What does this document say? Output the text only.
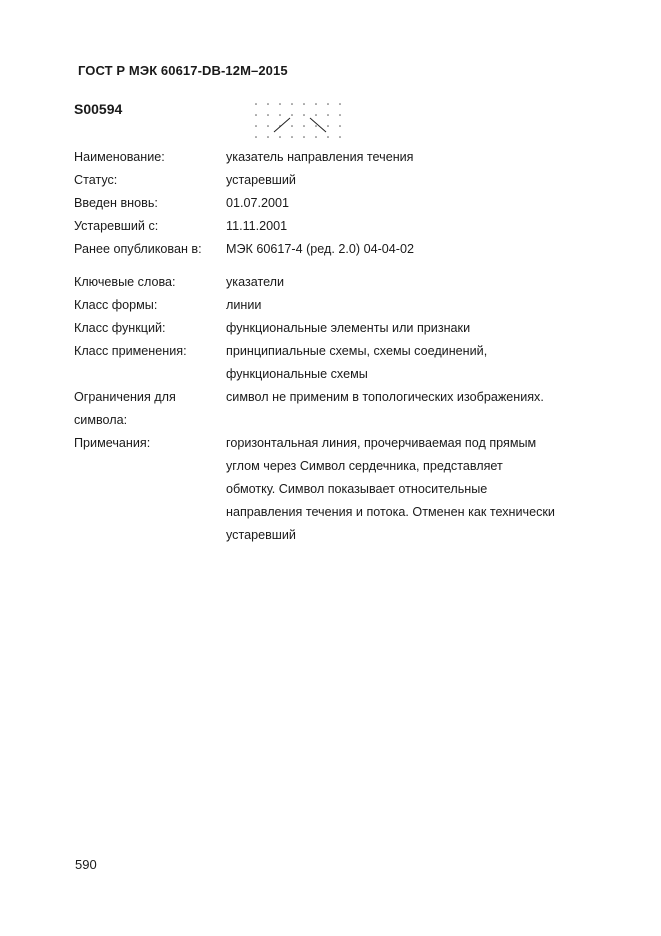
ГОСТ Р МЭК 60617-DB-12M–2015
S00594
Наименование:	указатель направления течения
Статус:	устаревший
Введен вновь:	01.07.2001
Устаревший с:	11.11.2001
Ранее опубликован в:	МЭК 60617-4 (ред. 2.0) 04-04-02
Ключевые слова:	указатели
Класс формы:	линии
Класс функций:	функциональные элементы или признаки
Класс применения:	принципиальные схемы, схемы соединений,
функциональные схемы
Ограничения для
символа:
символ не применим в топологических изображениях.
Примечания:	горизонтальная линия, прочерчиваемая под прямым
углом через Символ сердечника, представляет
обмотку. Символ показывает относительные
направления течения и потока. Отменен как технически
устаревший
590
